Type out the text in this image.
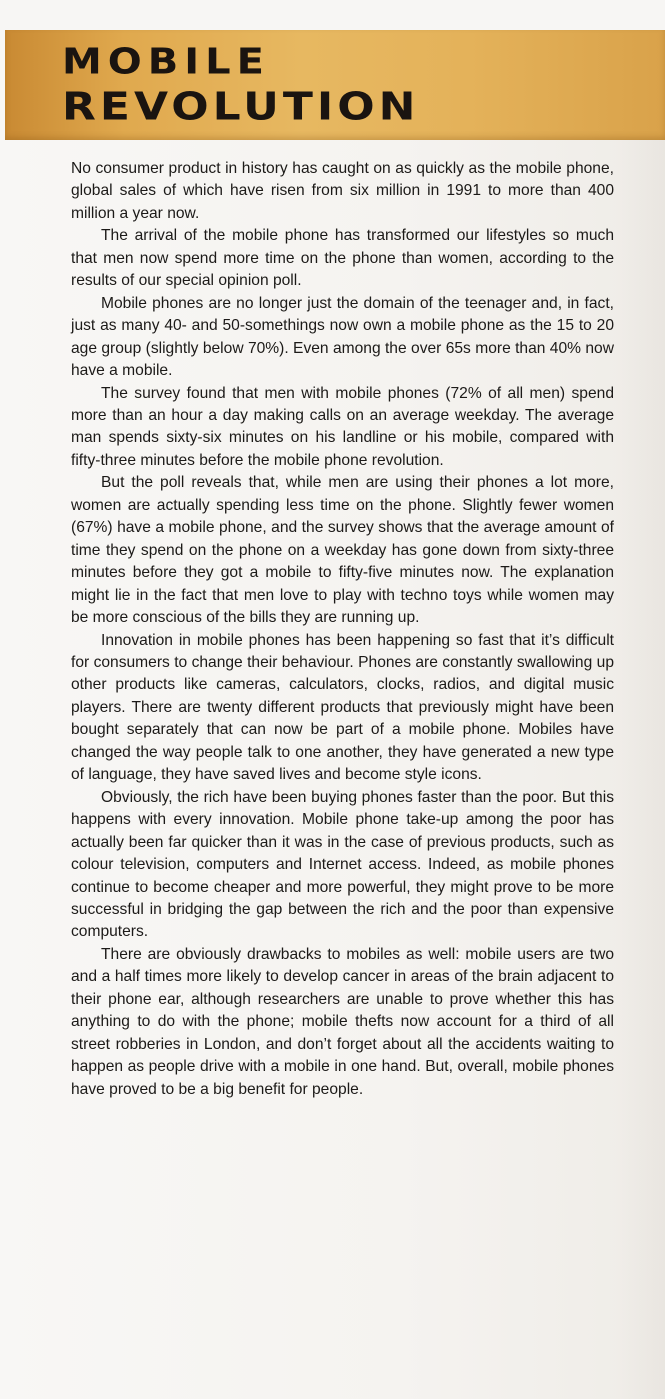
MOBILE
REVOLUTION

No consumer product in history has caught on as quickly as the mobile phone, global sales of which have risen from six million in 1991 to more than 400 million a year now.

The arrival of the mobile phone has transformed our lifestyles so much that men now spend more time on the phone than women, according to the results of our special opinion poll.

Mobile phones are no longer just the domain of the teenager and, in fact, just as many 40- and 50-somethings now own a mobile phone as the 15 to 20 age group (slightly below 70%). Even among the over 65s more than 40% now have a mobile.

The survey found that men with mobile phones (72% of all men) spend more than an hour a day making calls on an average weekday. The average man spends sixty-six minutes on his landline or his mobile, compared with fifty-three minutes before the mobile phone revolution.

But the poll reveals that, while men are using their phones a lot more, women are actually spending less time on the phone. Slightly fewer women (67%) have a mobile phone, and the survey shows that the average amount of time they spend on the phone on a weekday has gone down from sixty-three minutes before they got a mobile to fifty-five minutes now. The explanation might lie in the fact that men love to play with techno toys while women may be more conscious of the bills they are running up.

Innovation in mobile phones has been happening so fast that it’s difficult for consumers to change their behaviour. Phones are constantly swallowing up other products like cameras, calculators, clocks, radios, and digital music players. There are twenty different products that previously might have been bought separately that can now be part of a mobile phone. Mobiles have changed the way people talk to one another, they have generated a new type of language, they have saved lives and become style icons.

Obviously, the rich have been buying phones faster than the poor. But this happens with every innovation. Mobile phone take-up among the poor has actually been far quicker than it was in the case of previous products, such as colour television, computers and Internet access. Indeed, as mobile phones continue to become cheaper and more powerful, they might prove to be more successful in bridging the gap between the rich and the poor than expensive computers.

There are obviously drawbacks to mobiles as well: mobile users are two and a half times more likely to develop cancer in areas of the brain adjacent to their phone ear, although researchers are unable to prove whether this has anything to do with the phone; mobile thefts now account for a third of all street robberies in London, and don’t forget about all the accidents waiting to happen as people drive with a mobile in one hand. But, overall, mobile phones have proved to be a big benefit for people.
